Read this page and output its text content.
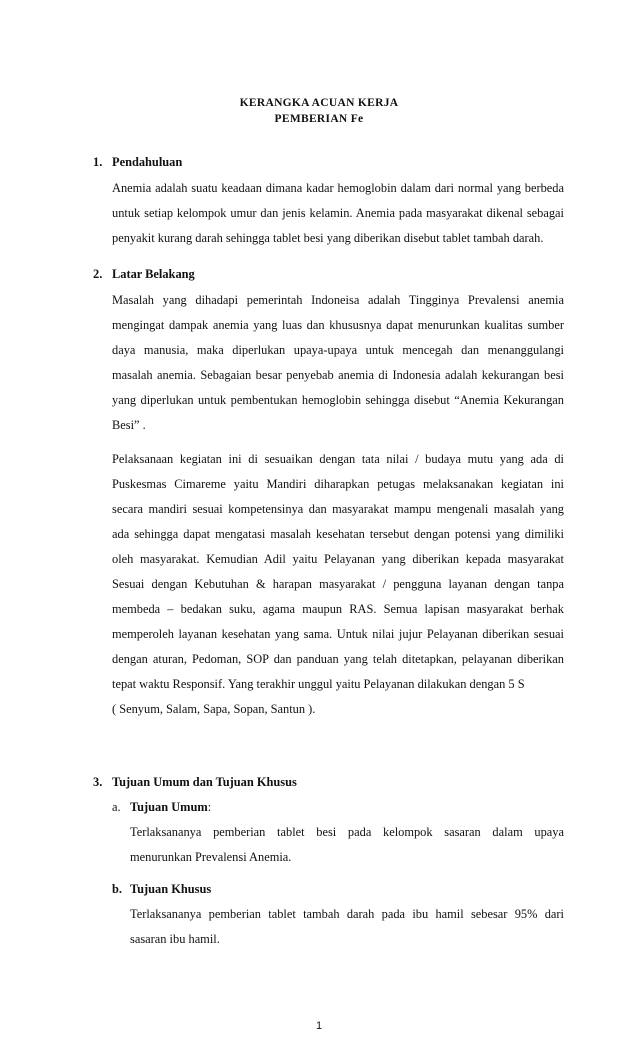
KERANGKA ACUAN KERJA
PEMBERIAN Fe
1. Pendahuluan
Anemia adalah suatu keadaan dimana kadar hemoglobin dalam dari normal yang berbeda
untuk setiap kelompok umur dan jenis kelamin. Anemia pada masyarakat dikenal sebagai
penyakit kurang darah sehingga tablet besi yang diberikan disebut tablet tambah darah.
2. Latar Belakang
Masalah yang dihadapi pemerintah Indoneisa adalah Tingginya Prevalensi anemia
mengingat dampak anemia yang luas dan khususnya dapat menurunkan kualitas sumber
daya manusia, maka diperlukan upaya-upaya untuk mencegah dan menanggulangi
masalah anemia. Sebagaian besar penyebab anemia di Indonesia adalah kekurangan besi
yang diperlukan untuk pembentukan hemoglobin sehingga disebut “Anemia Kekurangan
Besi” .
Pelaksanaan kegiatan ini di sesuaikan dengan tata nilai / budaya mutu yang ada di
Puskesmas Cimareme yaitu Mandiri diharapkan petugas melaksanakan kegiatan ini
secara mandiri sesuai kompetensinya dan masyarakat mampu mengenali masalah yang
ada sehingga dapat mengatasi masalah kesehatan tersebut dengan potensi yang dimiliki
oleh masyarakat. Kemudian Adil yaitu Pelayanan yang diberikan kepada masyarakat
Sesuai dengan Kebutuhan & harapan masyarakat / pengguna layanan dengan tanpa
membeda – bedakan suku, agama maupun RAS. Semua lapisan masyarakat berhak
memperoleh layanan kesehatan yang sama. Untuk nilai jujur Pelayanan diberikan sesuai
dengan aturan, Pedoman, SOP dan panduan yang telah ditetapkan, pelayanan diberikan
tepat waktu Responsif. Yang terakhir unggul yaitu Pelayanan dilakukan dengan 5 S
( Senyum, Salam, Sapa, Sopan, Santun ).
3. Tujuan Umum dan Tujuan Khusus
a. Tujuan Umum:
Terlaksananya pemberian tablet besi pada kelompok sasaran dalam upaya
menurunkan Prevalensi Anemia.
b. Tujuan Khusus
Terlaksananya pemberian tablet tambah darah pada ibu hamil sebesar 95% dari
sasaran ibu hamil.
1
